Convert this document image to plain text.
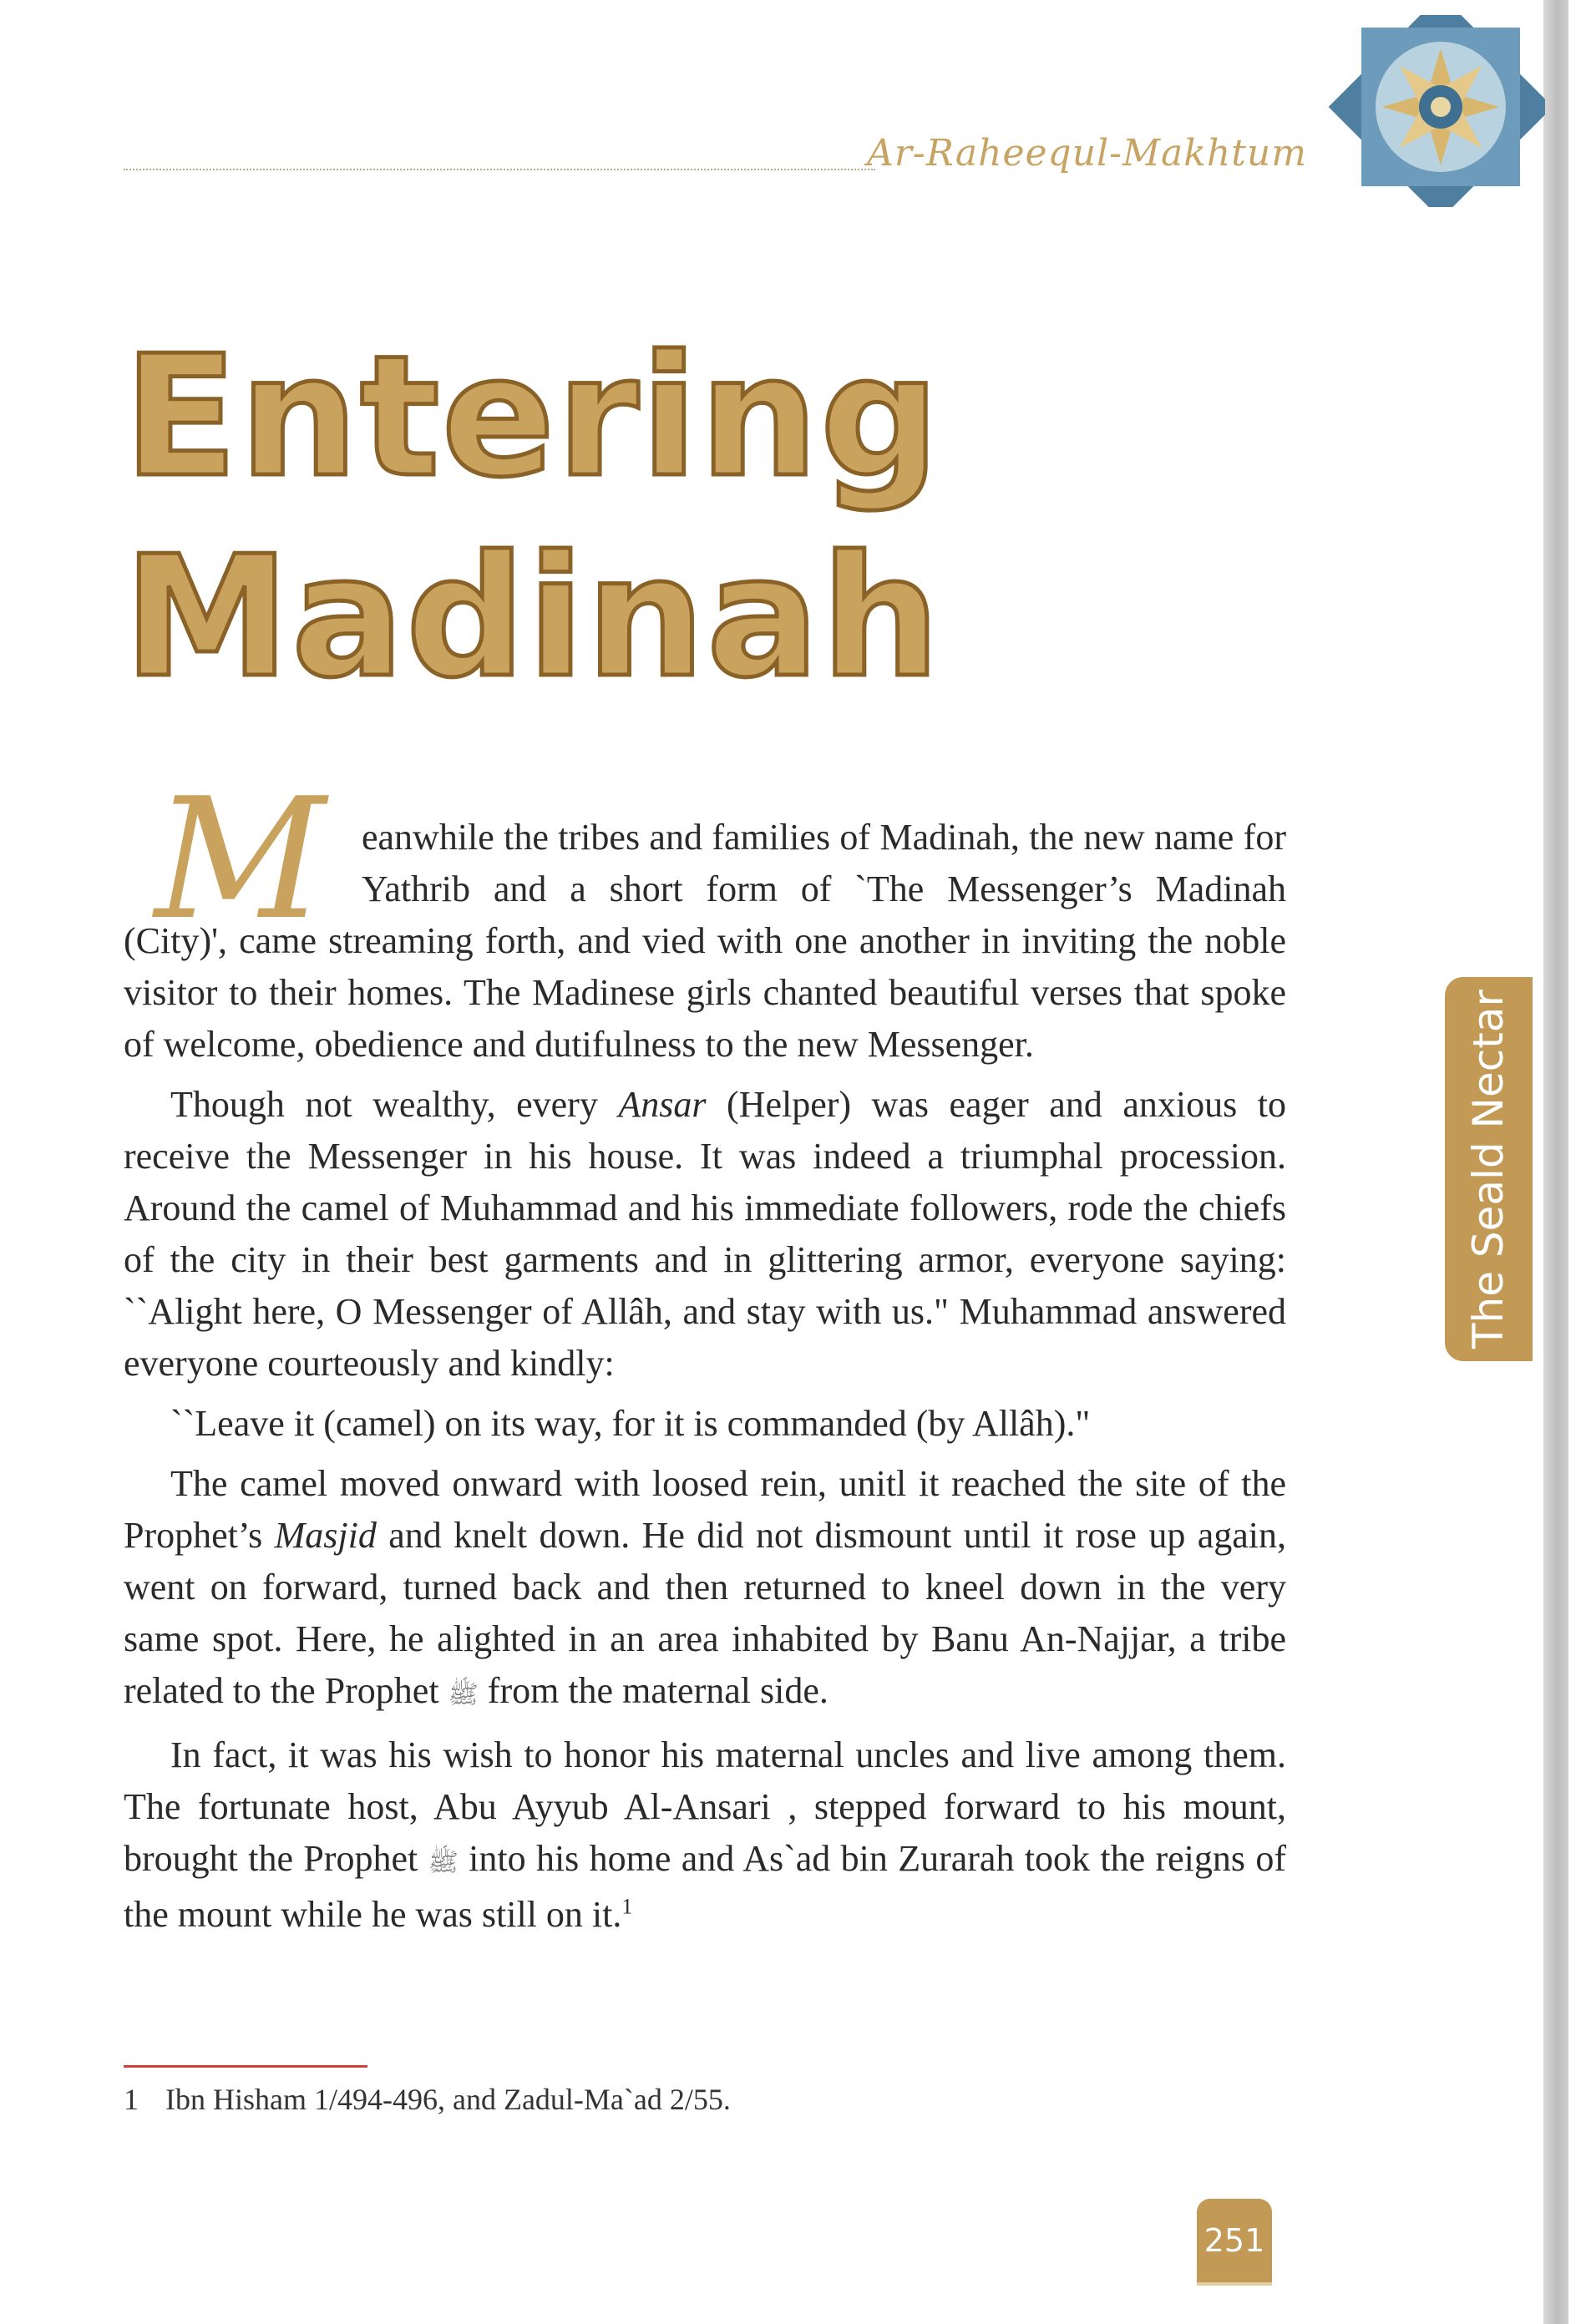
Ar-Raheequl-Makhtum
Entering
Madinah
M eanwhile the tribes and families of Madinah, the new name for Yathrib and a short form of `The Messenger’s Madinah (City)', came streaming forth, and vied with one another in inviting the noble visitor to their homes. The Madinese girls chanted beautiful verses that spoke of welcome, obedience and dutifulness to the new Messenger.

Though not wealthy, every Ansar (Helper) was eager and anxious to receive the Messenger in his house. It was indeed a triumphal procession. Around the camel of Muhammad and his immediate followers, rode the chiefs of the city in their best garments and in glittering armor, everyone saying: ``Alight here, O Messenger of Allâh, and stay with us." Muhammad answered everyone courteously and kindly:

``Leave it (camel) on its way, for it is commanded (by Allâh)."

The camel moved onward with loosed rein, unitl it reached the site of the Prophet’s Masjid and knelt down. He did not dismount until it rose up again, went on forward, turned back and then returned to kneel down in the very same spot. Here, he alighted in an area inhabited by Banu An-Najjar, a tribe related to the Prophet ﷺ from the maternal side.

In fact, it was his wish to honor his maternal uncles and live among them. The fortunate host, Abu Ayyub Al-Ansari , stepped forward to his mount, brought the Prophet ﷺ into his home and As`ad bin Zurarah took the reigns of the mount while he was still on it.$^1$

1 Ibn Hisham 1/494-496, and Zadul-Ma`ad 2/55.
The Seald Nectar
251
